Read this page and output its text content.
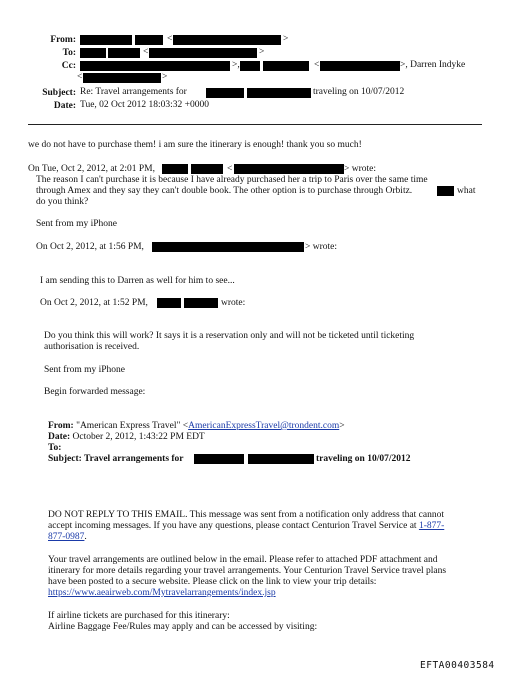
From:	<	>
To:	<	>
Cc:	>,	<	>, Darren Indyke
<	>
Subject: Re: Travel arrangements for	traveling on 10/07/2012
Date: Tue, 02 Oct 2012 18:03:32 +0000
we do not have to purchase them! i am sure the itinerary is enough! thank you so much!
On Tue, Oct 2, 2012, at 2:01 PM,	<	> wrote:
The reason I can't purchase it is because I have already purchased her a trip to Paris over the same time
through Amex and they say they can't double book. The other option is to purchase through Orbitz.	what
do you think?
Sent from my iPhone
On Oct 2, 2012, at 1:56 PM,	> wrote:
I am sending this to Darren as well for him to see...
On Oct 2, 2012, at 1:52 PM,	wrote:
Do you think this will work? It says it is a reservation only and will not be ticketed until ticketing
authorisation is received.
Sent from my iPhone
Begin forwarded message:
From: "American Express Travel" <AmericanExpressTravel@trondent.com>
Date: October 2, 2012, 1:43:22 PM EDT
To:
Subject: Travel arrangements for	traveling on 10/07/2012
DO NOT REPLY TO THIS EMAIL. This message was sent from a notification only address that cannot
accept incoming messages. If you have any questions, please contact Centurion Travel Service at 1-877-
877-0987.
Your travel arrangements are outlined below in the email. Please refer to attached PDF attachment and
itinerary for more details regarding your travel arrangements. Your Centurion Travel Service travel plans
have been posted to a secure website. Please click on the link to view your trip details:
https://www.aeairweb.com/Mytravelarrangements/index.jsp
If airline tickets are purchased for this itinerary:
Airline Baggage Fee/Rules may apply and can be accessed by visiting:
EFTA00403584
